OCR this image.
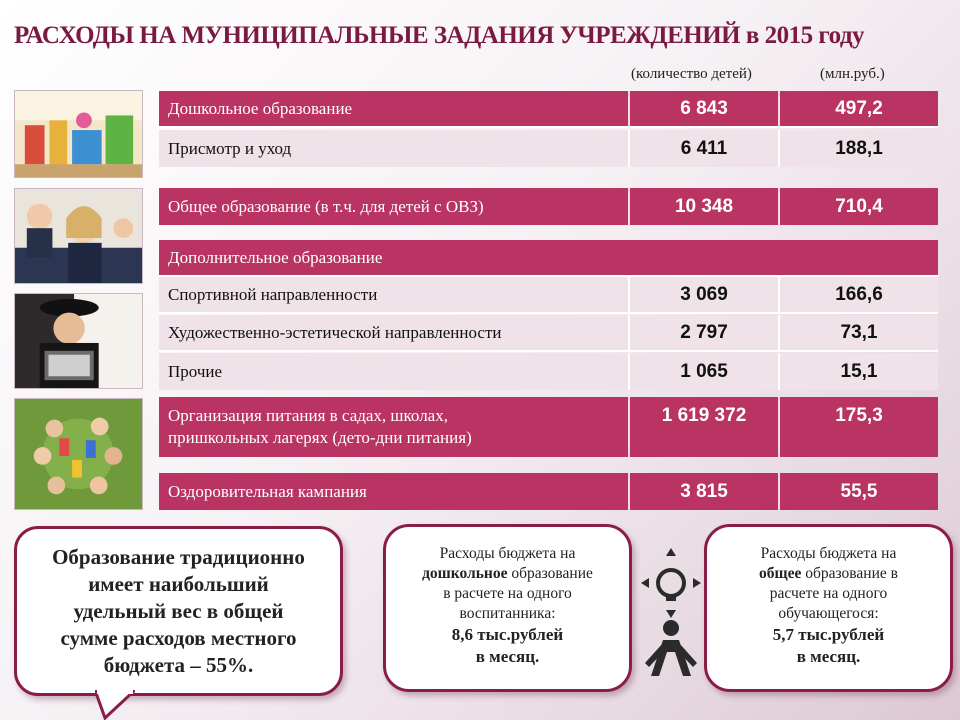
РАСХОДЫ НА МУНИЦИПАЛЬНЫЕ ЗАДАНИЯ УЧРЕЖДЕНИЙ в 2015 году
(количество детей)	(млн.руб.)
Дошкольное образование	6 843	497,2
Присмотр и уход	6 411	188,1
Общее образование (в т.ч. для детей с ОВЗ)	10 348	710,4
Дополнительное образование
Спортивной направленности	3 069	166,6
Художественно-эстетической направленности	2 797	73,1
Прочие	1 065	15,1
Организация питания в садах, школах,
пришкольных лагерях (дето-дни питания)
1 619 372	175,3
Оздоровительная кампания	3 815	55,5
Образование традиционно
имеет наибольший
удельный вес в общей
сумме расходов местного
бюджета – 55%.
Расходы бюджета на
дошкольное образование
в расчете на одного
воспитанника:
8,6 тыс.рублей
в месяц.
Расходы бюджета на
общее образование в
расчете на одного
обучающегося:
5,7 тыс.рублей
в месяц.
